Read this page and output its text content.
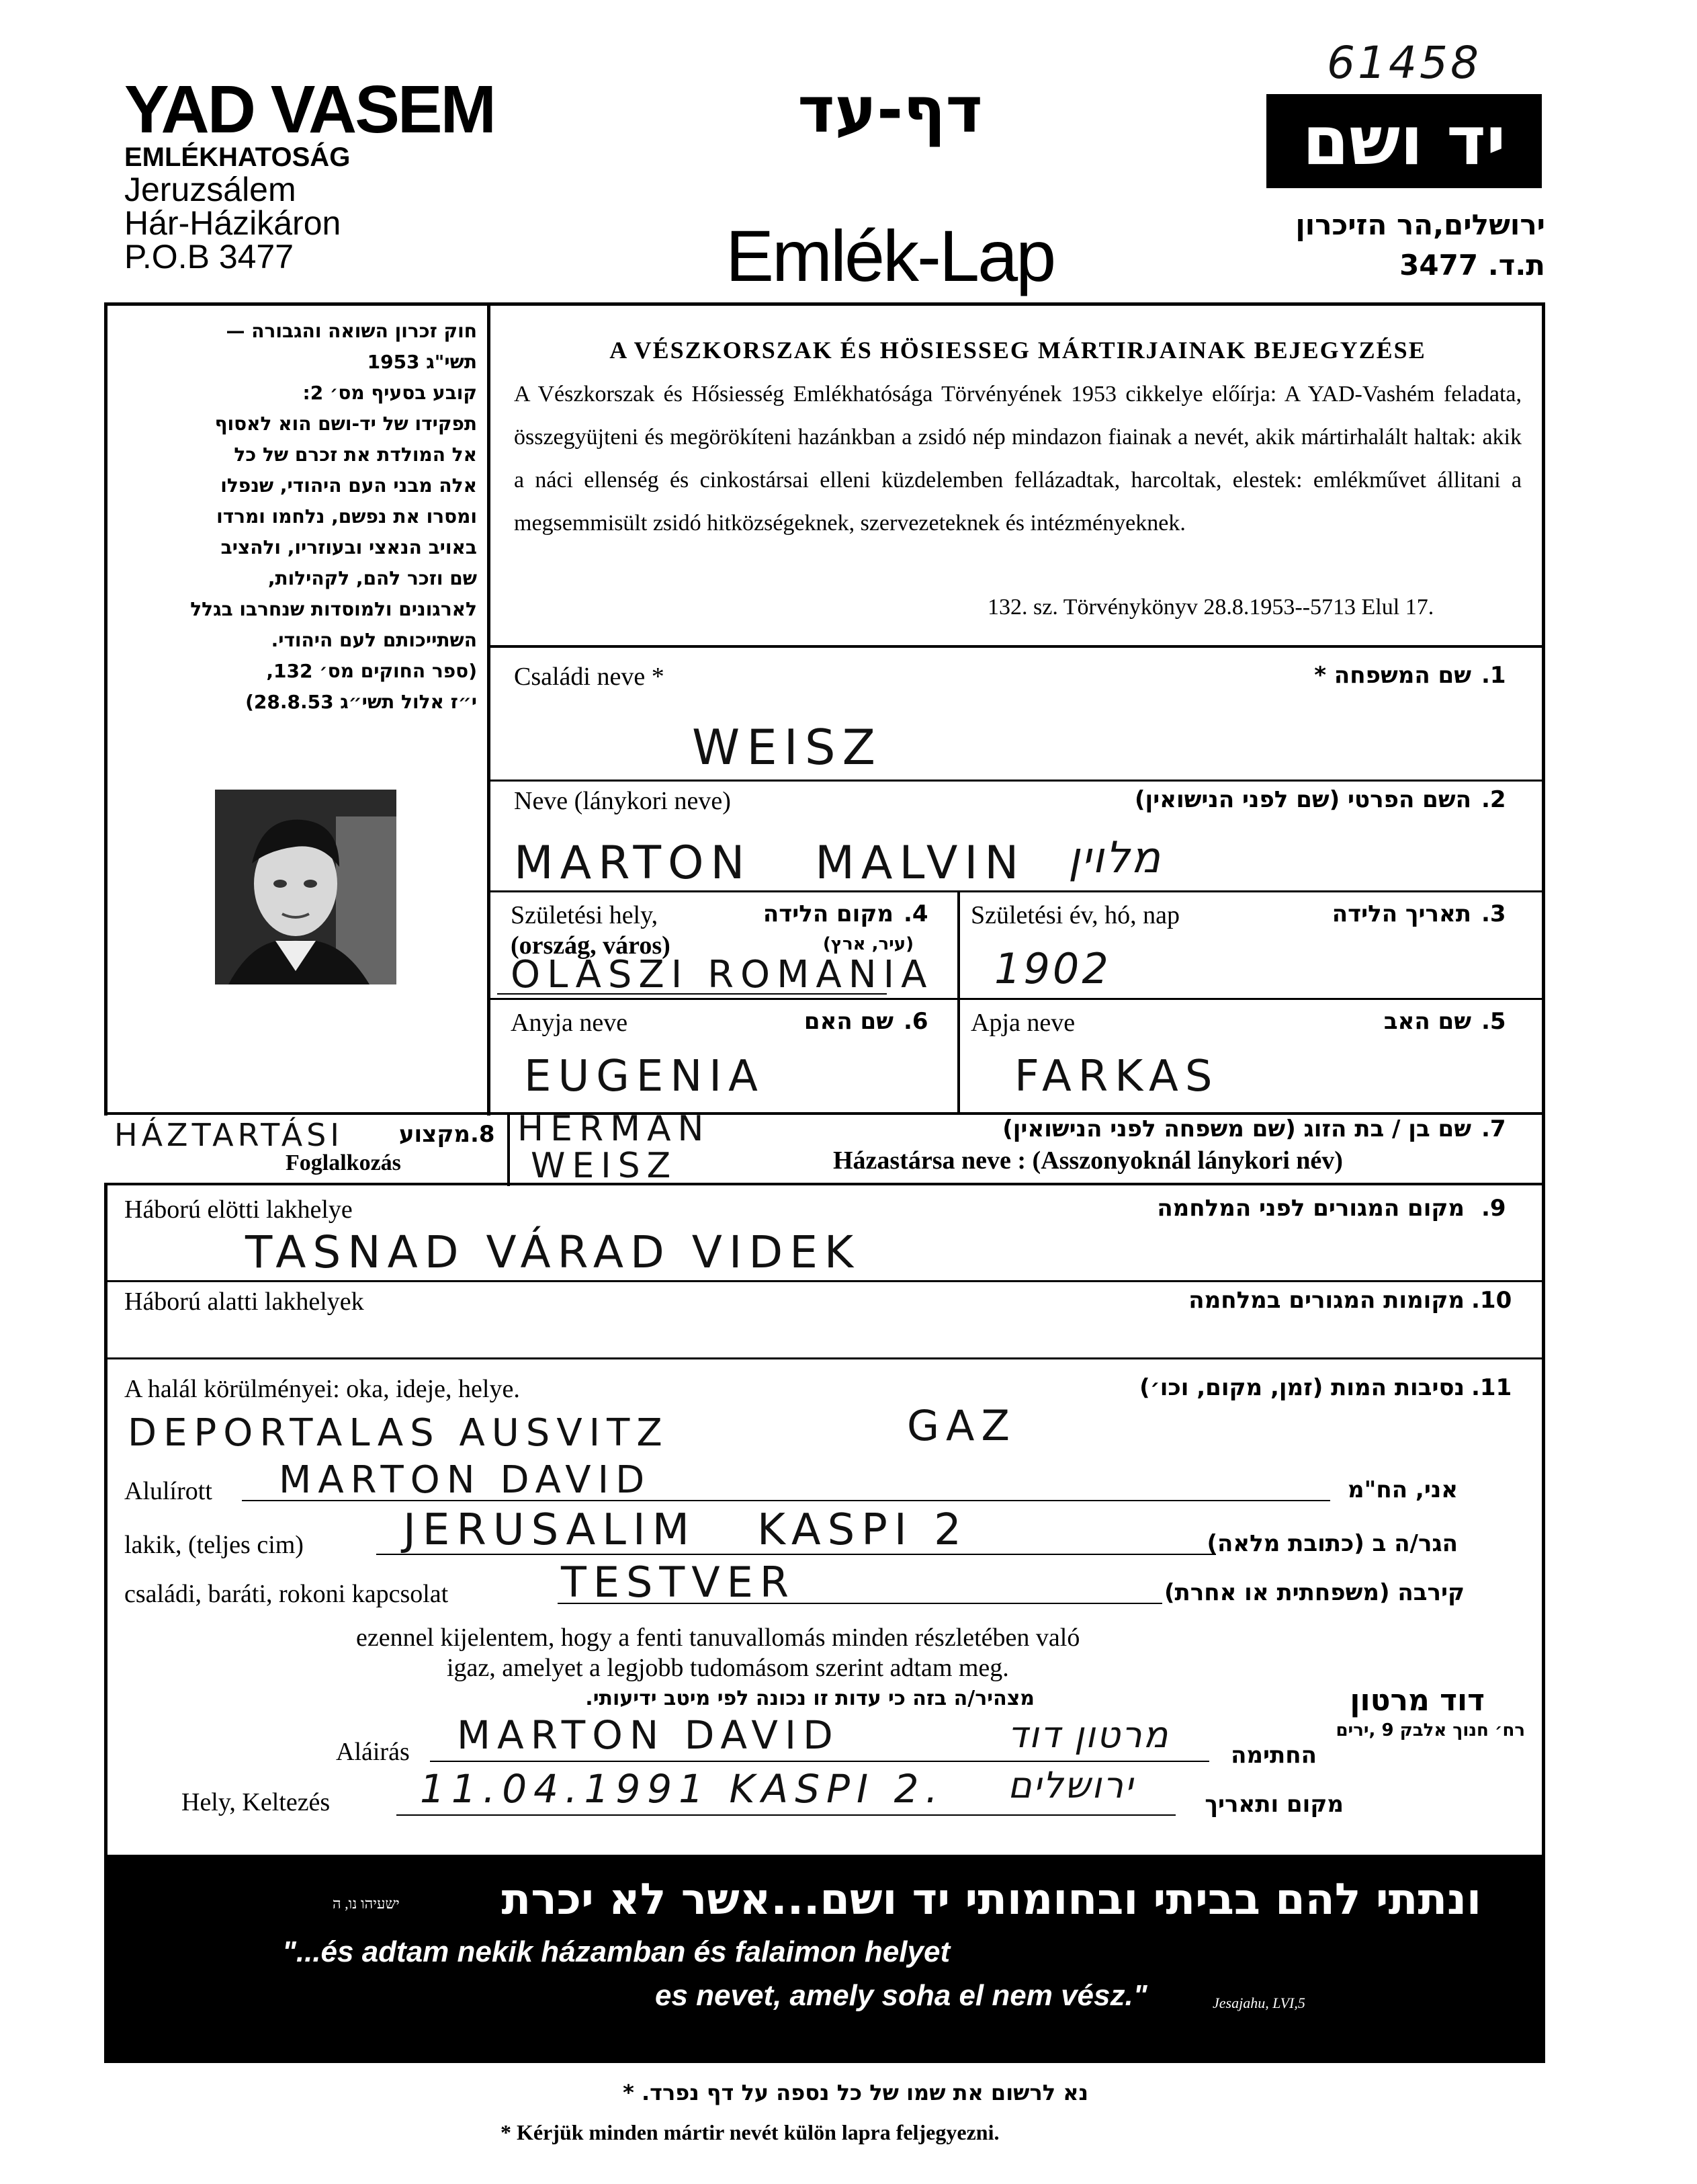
61458
YAD VASEM
EMLÉKHATOSÁG
Jeruzsálem
Hár-Házikáron
P.O.B 3477
דף-עד
Emlék-Lap
יד ושם
ירושלים,הר הזיכרון
ת.ד. 3477
חוק זכרון השואה והגבורה —
תשי"ג 1953
קובע בסעיף מס׳ 2:
תפקידו של יד-ושם הוא לאסוף
אל המולדת את זכרם של כל
אלה מבני העם היהודי, שנפלו
ומסרו את נפשם, נלחמו ומרדו
באויב הנאצי ובעוזריו, ולהציב
שם וזכר להם, לקהילות,
לארגונים ולמוסדות שנחרבו בגלל
השתייכותם לעם היהודי.
(ספר החוקים מס׳ 132,
י״ז אלול תשי״ג 28.8.53)
A VÉSZKORSZAK ÉS HÖSIESSEG MÁRTIRJAINAK BEJEGYZÉSE
A Vészkorszak és Hősiesség Emlékhatósága Törvényének 1953 cikkelye előírja: A YAD-Vashém feladata, összegyüjteni és megörökíteni hazánkban a zsidó nép mindazon fiainak a nevét, akik mártirhalált haltak: akik a náci ellenség és cinkostársai elleni küzdelemben fellázadtak, harcoltak, elestek: emlékművet állitani a megsemmisült zsidó hitközségeknek, szervezeteknek és intézményeknek.
132. sz. Törvénykönyv 28.8.1953--5713 Elul 17.
Családi neve *	שם המשפחה * .1
WEISZ
Neve (lánykori neve)	השם הפרטי (שם לפני הנישואין) .2
MARTON   MALVIN מלוין
Születési hely,	מקום הלידה .4
(ország, város)	(עיר, ארץ)
OLASZI ROMANIA
Születési év, hó, nap	תאריך הלידה .3
1902
Anyja neve	שם האם .6
EUGENIA
Apja neve	שם האב .5
FARKAS
HÁZTARTÁSI	מקצוע .8
Foglalkozás
HERMAN
WEISZ
שם בן / בת הזוג (שם משפחה לפני הנישואין) .7
Házastársa neve : (Asszonyoknál lánykori név)
Háború elötti lakhelye	מקום המגורים לפני המלחמה .9
TASNAD VÁRAD VIDEK
Háború alatti lakhelyek	מקומות המגורים במלחמה .10
A halál körülményei: oka, ideje, helye.	נסיבות המות (זמן, מקום, וכו׳) .11
DEPORTALAS AUSVITZ	GAZ
Alulírott MARTON DAVID	אני, הח"מ
lakik, (teljes cim) JERUSALIM   KASPI 2	הגר/ה ב (כתובת מלאה)
családi, baráti, rokoni kapcsolat	TESTVER	קירבה (משפחתית או אחרת)
ezennel kijelentem, hogy a fenti tanuvallomás minden részletében való
igaz, amelyet a legjobb tudomásom szerint adtam meg.
מצהיר/ה בזה כי עדות זו נכונה לפי מיטב ידיעותי.	דוד מרטון
רח׳ חנוך אלבק 9 ,ירים
Aláirás MARTON DAVID	מרטון דוד	החתימה
Hely, Keltezés 11.04.1991 KASPI 2. ירושלים	מקום ותאריך
ישעיהו נו, ה	ונתתי להם בביתי ובחומותי יד ושם...אשר לא יכרת
"...és adtam nekik házamban és falaimon helyet
es nevet, amely soha el nem vész."	Jesajahu, LVI,5
נא לרשום את שמו של כל נספה על דף נפרד. *
* Kérjük minden mártir nevét külön lapra feljegyezni.
